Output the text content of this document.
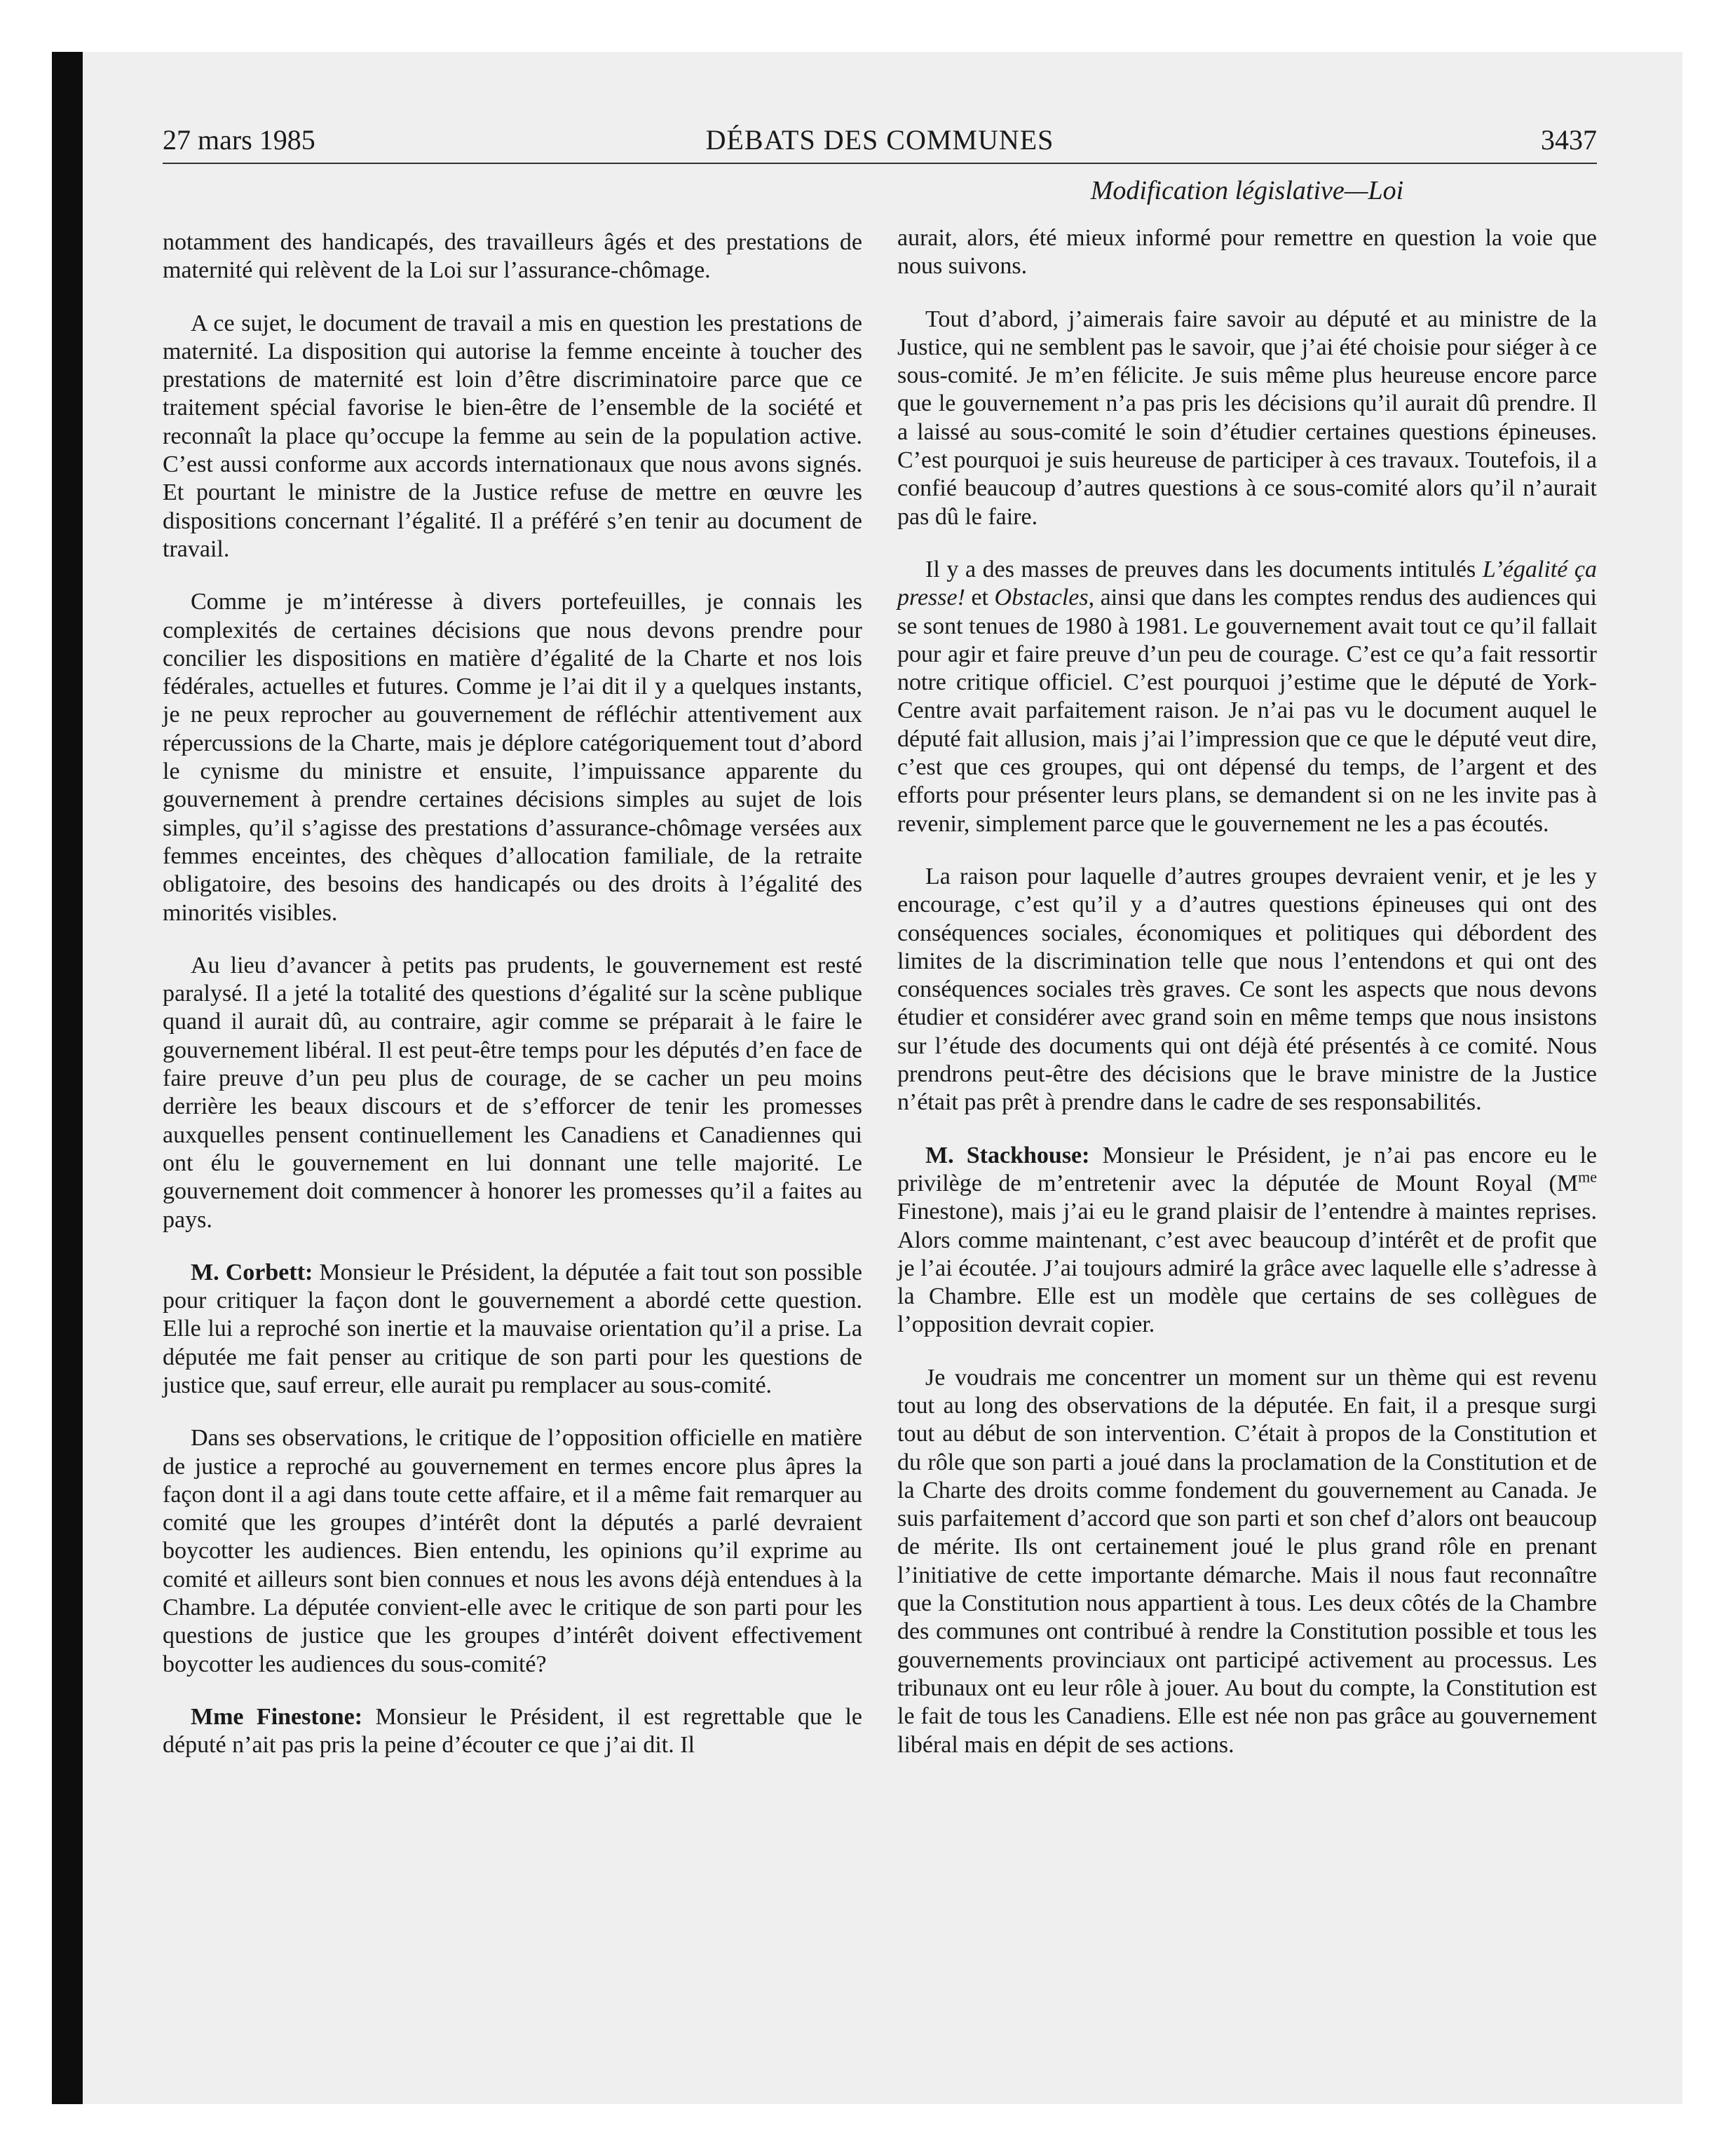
27 mars 1985	DÉBATS DES COMMUNES	3437
Modification législative—Loi

notamment des handicapés, des travailleurs âgés et des prestations de maternité qui relèvent de la Loi sur l’assurance-chômage.

A ce sujet, le document de travail a mis en question les prestations de maternité. La disposition qui autorise la femme enceinte à toucher des prestations de maternité est loin d’être discriminatoire parce que ce traitement spécial favorise le bien-être de l’ensemble de la société et reconnaît la place qu’occupe la femme au sein de la population active. C’est aussi conforme aux accords internationaux que nous avons signés. Et pourtant le ministre de la Justice refuse de mettre en œuvre les dispositions concernant l’égalité. Il a préféré s’en tenir au document de travail.

Comme je m’intéresse à divers portefeuilles, je connais les complexités de certaines décisions que nous devons prendre pour concilier les dispositions en matière d’égalité de la Charte et nos lois fédérales, actuelles et futures. Comme je l’ai dit il y a quelques instants, je ne peux reprocher au gouvernement de réfléchir attentivement aux répercussions de la Charte, mais je déplore catégoriquement tout d’abord le cynisme du ministre et ensuite, l’impuissance apparente du gouvernement à prendre certaines décisions simples au sujet de lois simples, qu’il s’agisse des prestations d’assurance-chômage versées aux femmes enceintes, des chèques d’allocation familiale, de la retraite obligatoire, des besoins des handicapés ou des droits à l’égalité des minorités visibles.

Au lieu d’avancer à petits pas prudents, le gouvernement est resté paralysé. Il a jeté la totalité des questions d’égalité sur la scène publique quand il aurait dû, au contraire, agir comme se préparait à le faire le gouvernement libéral. Il est peut-être temps pour les députés d’en face de faire preuve d’un peu plus de courage, de se cacher un peu moins derrière les beaux discours et de s’efforcer de tenir les promesses auxquelles pensent continuellement les Canadiens et Canadiennes qui ont élu le gouvernement en lui donnant une telle majorité. Le gouvernement doit commencer à honorer les promesses qu’il a faites au pays.

M. Corbett: Monsieur le Président, la députée a fait tout son possible pour critiquer la façon dont le gouvernement a abordé cette question. Elle lui a reproché son inertie et la mauvaise orientation qu’il a prise. La députée me fait penser au critique de son parti pour les questions de justice que, sauf erreur, elle aurait pu remplacer au sous-comité.

Dans ses observations, le critique de l’opposition officielle en matière de justice a reproché au gouvernement en termes encore plus âpres la façon dont il a agi dans toute cette affaire, et il a même fait remarquer au comité que les groupes d’intérêt dont la députés a parlé devraient boycotter les audiences. Bien entendu, les opinions qu’il exprime au comité et ailleurs sont bien connues et nous les avons déjà entendues à la Chambre. La députée convient-elle avec le critique de son parti pour les questions de justice que les groupes d’intérêt doivent effectivement boycotter les audiences du sous-comité?

Mme Finestone: Monsieur le Président, il est regrettable que le député n’ait pas pris la peine d’écouter ce que j’ai dit. Il

aurait, alors, été mieux informé pour remettre en question la voie que nous suivons.

Tout d’abord, j’aimerais faire savoir au député et au ministre de la Justice, qui ne semblent pas le savoir, que j’ai été choisie pour siéger à ce sous-comité. Je m’en félicite. Je suis même plus heureuse encore parce que le gouvernement n’a pas pris les décisions qu’il aurait dû prendre. Il a laissé au sous-comité le soin d’étudier certaines questions épineuses. C’est pourquoi je suis heureuse de participer à ces travaux. Toutefois, il a confié beaucoup d’autres questions à ce sous-comité alors qu’il n’aurait pas dû le faire.

Il y a des masses de preuves dans les documents intitulés L’égalité ça presse! et Obstacles, ainsi que dans les comptes rendus des audiences qui se sont tenues de 1980 à 1981. Le gouvernement avait tout ce qu’il fallait pour agir et faire preuve d’un peu de courage. C’est ce qu’a fait ressortir notre critique officiel. C’est pourquoi j’estime que le député de York-Centre avait parfaitement raison. Je n’ai pas vu le document auquel le député fait allusion, mais j’ai l’impression que ce que le député veut dire, c’est que ces groupes, qui ont dépensé du temps, de l’argent et des efforts pour présenter leurs plans, se demandent si on ne les invite pas à revenir, simplement parce que le gouvernement ne les a pas écoutés.

La raison pour laquelle d’autres groupes devraient venir, et je les y encourage, c’est qu’il y a d’autres questions épineuses qui ont des conséquences sociales, économiques et politiques qui débordent des limites de la discrimination telle que nous l’entendons et qui ont des conséquences sociales très graves. Ce sont les aspects que nous devons étudier et considérer avec grand soin en même temps que nous insistons sur l’étude des documents qui ont déjà été présentés à ce comité. Nous prendrons peut-être des décisions que le brave ministre de la Justice n’était pas prêt à prendre dans le cadre de ses responsabilités.

M. Stackhouse: Monsieur le Président, je n’ai pas encore eu le privilège de m’entretenir avec la députée de Mount Royal ($M^{me}$ Finestone), mais j’ai eu le grand plaisir de l’entendre à maintes reprises. Alors comme maintenant, c’est avec beaucoup d’intérêt et de profit que je l’ai écoutée. J’ai toujours admiré la grâce avec laquelle elle s’adresse à la Chambre. Elle est un modèle que certains de ses collègues de l’opposition devrait copier.

Je voudrais me concentrer un moment sur un thème qui est revenu tout au long des observations de la députée. En fait, il a presque surgi tout au début de son intervention. C’était à propos de la Constitution et du rôle que son parti a joué dans la proclamation de la Constitution et de la Charte des droits comme fondement du gouvernement au Canada. Je suis parfaitement d’accord que son parti et son chef d’alors ont beaucoup de mérite. Ils ont certainement joué le plus grand rôle en prenant l’initiative de cette importante démarche. Mais il nous faut reconnaître que la Constitution nous appartient à tous. Les deux côtés de la Chambre des communes ont contribué à rendre la Constitution possible et tous les gouvernements provinciaux ont participé activement au processus. Les tribunaux ont eu leur rôle à jouer. Au bout du compte, la Constitution est le fait de tous les Canadiens. Elle est née non pas grâce au gouvernement libéral mais en dépit de ses actions.
